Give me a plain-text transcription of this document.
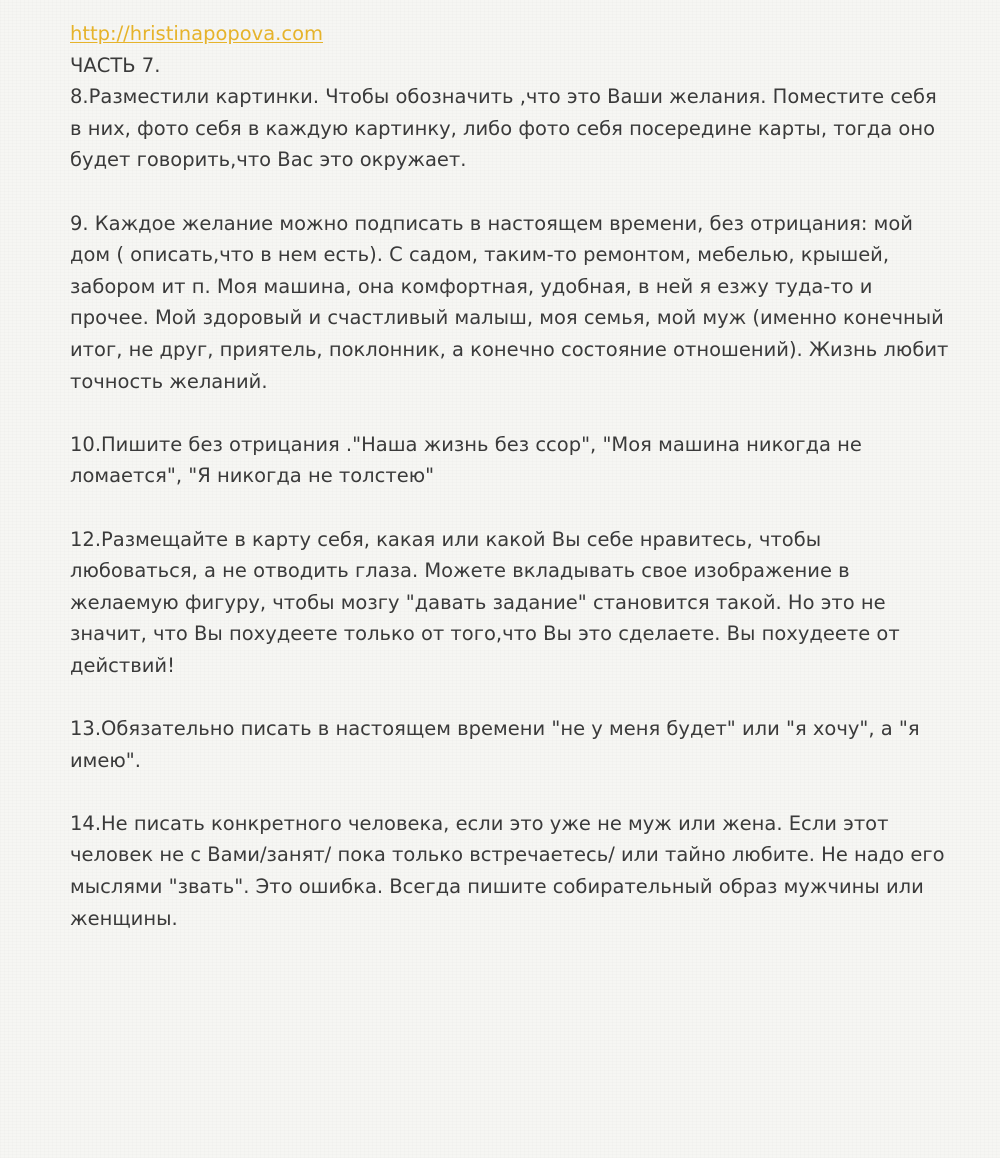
http://hristinapopova.com
ЧАСТЬ 7.

8.Разместили картинки. Чтобы обозначить ,что это Ваши желания. Поместите себя в них, фото себя в каждую картинку, либо фото себя посередине карты, тогда оно будет говорить,что Вас это окружает.

9. Каждое желание можно подписать в настоящем времени, без отрицания: мой дом ( описать,что в нем есть). С садом, таким-то ремонтом, мебелью, крышей, забором ит п. Моя машина, она комфортная, удобная, в ней я езжу туда-то и прочее. Мой здоровый и счастливый малыш, моя семья, мой муж (именно конечный итог, не друг, приятель, поклонник, а конечно состояние отношений). Жизнь любит точность желаний.

10.Пишите без отрицания ."Наша жизнь без ссор", "Моя машина никогда не ломается", "Я никогда не толстею"

12.Размещайте в карту себя, какая или какой Вы себе нравитесь, чтобы любоваться, а не отводить глаза. Можете вкладывать свое изображение в желаемую фигуру, чтобы мозгу "давать задание" становится такой. Но это не значит, что Вы похудеете только от того,что Вы это сделаете. Вы похудеете от действий!

13.Обязательно писать в настоящем времени "не у меня будет" или "я хочу", а "я имею".

14.Не писать конкретного человека, если это уже не муж или жена. Если этот человек не с Вами/занят/ пока только встречаетесь/ или тайно любите. Не надо его мыслями "звать". Это ошибка. Всегда пишите собирательный образ мужчины или женщины.
